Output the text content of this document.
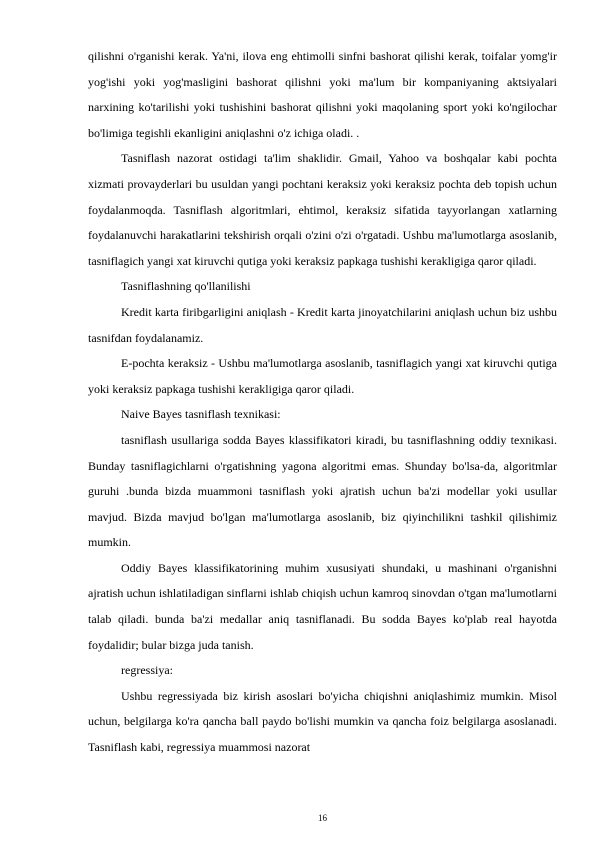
qilishni o'rganishi kerak. Ya'ni, ilova eng ehtimolli sinfni bashorat qilishi kerak, toifalar yomg'ir yog'ishi yoki yog'masligini bashorat qilishni yoki ma'lum bir kompaniyaning aktsiyalari narxining ko'tarilishi yoki tushishini bashorat qilishni yoki maqolaning sport yoki ko'ngilochar bo'limiga tegishli ekanligini aniqlashni o'z ichiga oladi. .

Tasniflash nazorat ostidagi ta'lim shaklidir. Gmail, Yahoo va boshqalar kabi pochta xizmati provayderlari bu usuldan yangi pochtani keraksiz yoki keraksiz pochta deb topish uchun foydalanmoqda. Tasniflash algoritmlari, ehtimol, keraksiz sifatida tayyorlangan xatlarning foydalanuvchi harakatlarini tekshirish orqali o'zini o'zi o'rgatadi. Ushbu ma'lumotlarga asoslanib, tasniflagich yangi xat kiruvchi qutiga yoki keraksiz papkaga tushishi kerakligiga qaror qiladi.

Tasniflashning qo'llanilishi

Kredit karta firibgarligini aniqlash - Kredit karta jinoyatchilarini aniqlash uchun biz ushbu tasnifdan foydalanamiz.

E-pochta keraksiz - Ushbu ma'lumotlarga asoslanib, tasniflagich yangi xat kiruvchi qutiga yoki keraksiz papkaga tushishi kerakligiga qaror qiladi.

Naive Bayes tasniflash texnikasi:

tasniflash usullariga sodda Bayes klassifikatori kiradi, bu tasniflashning oddiy texnikasi. Bunday tasniflagichlarni o'rgatishning yagona algoritmi emas. Shunday bo'lsa-da, algoritmlar guruhi .bunda bizda muammoni tasniflash yoki ajratish uchun ba'zi modellar yoki usullar mavjud. Bizda mavjud bo'lgan ma'lumotlarga asoslanib, biz qiyinchilikni tashkil qilishimiz mumkin.

Oddiy Bayes klassifikatorining muhim xususiyati shundaki, u mashinani o'rganishni ajratish uchun ishlatiladigan sinflarni ishlab chiqish uchun kamroq sinovdan o'tgan ma'lumotlarni talab qiladi. bunda ba'zi medallar aniq tasniflanadi. Bu sodda Bayes ko'plab real hayotda foydalidir; bular bizga juda tanish.

regressiya:

Ushbu regressiyada biz kirish asoslari bo'yicha chiqishni aniqlashimiz mumkin. Misol uchun, belgilarga ko'ra qancha ball paydo bo'lishi mumkin va qancha foiz belgilarga asoslanadi. Tasniflash kabi, regressiya muammosi nazorat

16
